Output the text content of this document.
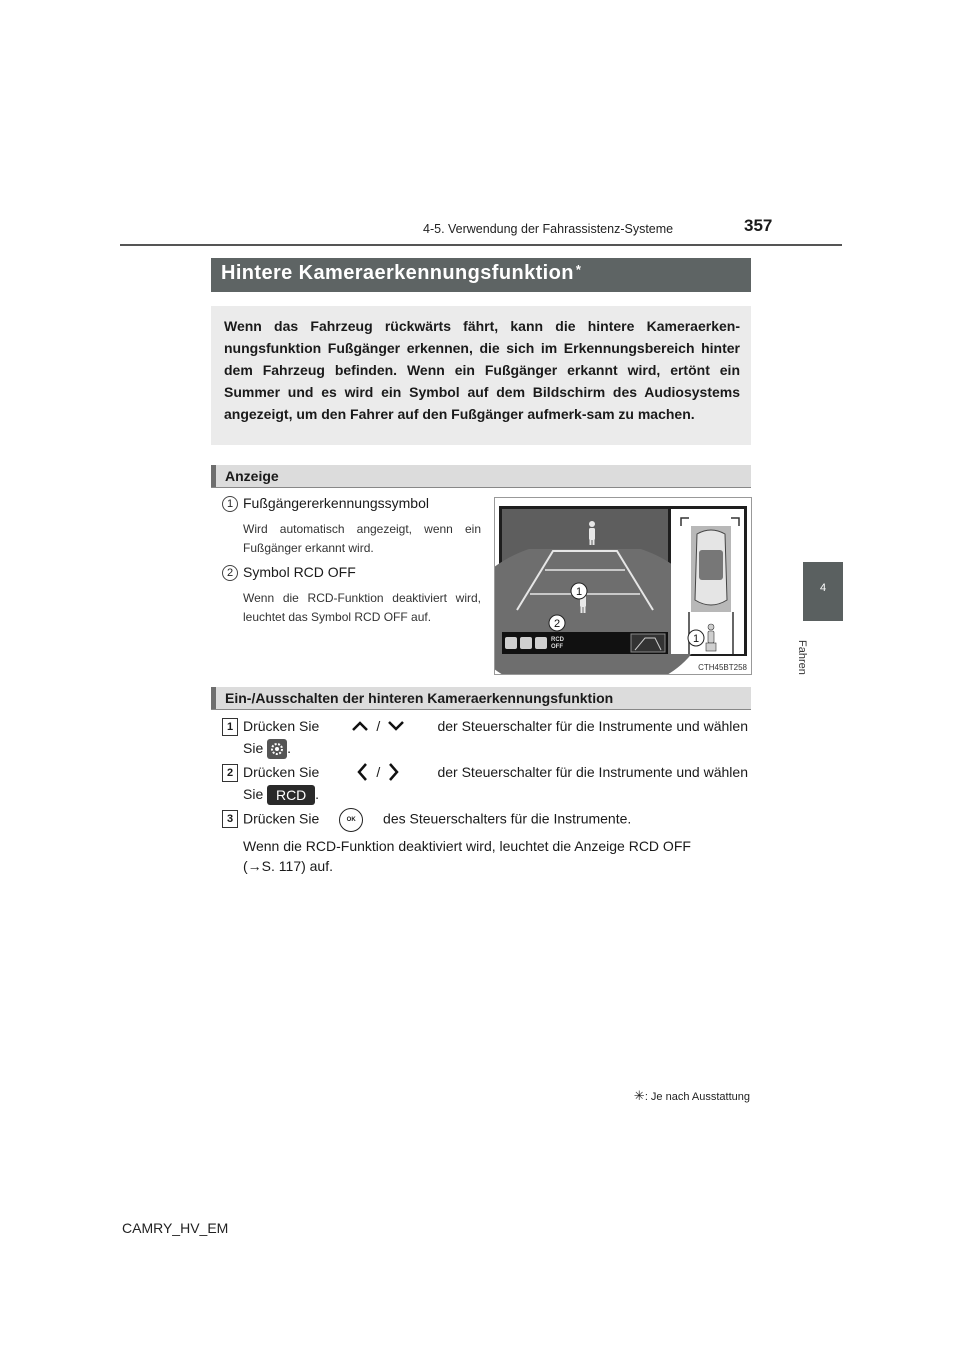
4-5. Verwendung der Fahrassistenz-Systeme	357
4
Fahren
Hintere Kameraerkennungsfunktion *
Wenn das Fahrzeug rückwärts fährt, kann die hintere Kameraerken-nungsfunktion Fußgänger erkennen, die sich im Erkennungsbereich hinter dem Fahrzeug befinden. Wenn ein Fußgänger erkannt wird, ertönt ein Summer und es wird ein Symbol auf dem Bildschirm des Audiosystems angezeigt, um den Fahrer auf den Fußgänger aufmerk-sam zu machen.
Anzeige
1 Fußgängererkennungssymbol
Wird automatisch angezeigt, wenn ein Fußgänger erkannt wird.
2 Symbol RCD OFF
Wenn die RCD-Funktion deaktiviert wird, leuchtet das Symbol RCD OFF auf.
1
2
RCD
OFF
1
CTH45BT258
Ein-/Ausschalten der hinteren Kameraerkennungsfunktion
1 Drücken Sie	/	der Steuerschalter für die Instrumente und wählen
Sie .
2 Drücken Sie	/	der Steuerschalter für die Instrumente und wählen
Sie RCD .
3 Drücken Sie	OK des Steuerschalters für die Instrumente.
Wenn die RCD-Funktion deaktiviert wird, leuchtet die Anzeige RCD OFF
(→S. 117) auf.
✳: Je nach Ausstattung
CAMRY_HV_EM
